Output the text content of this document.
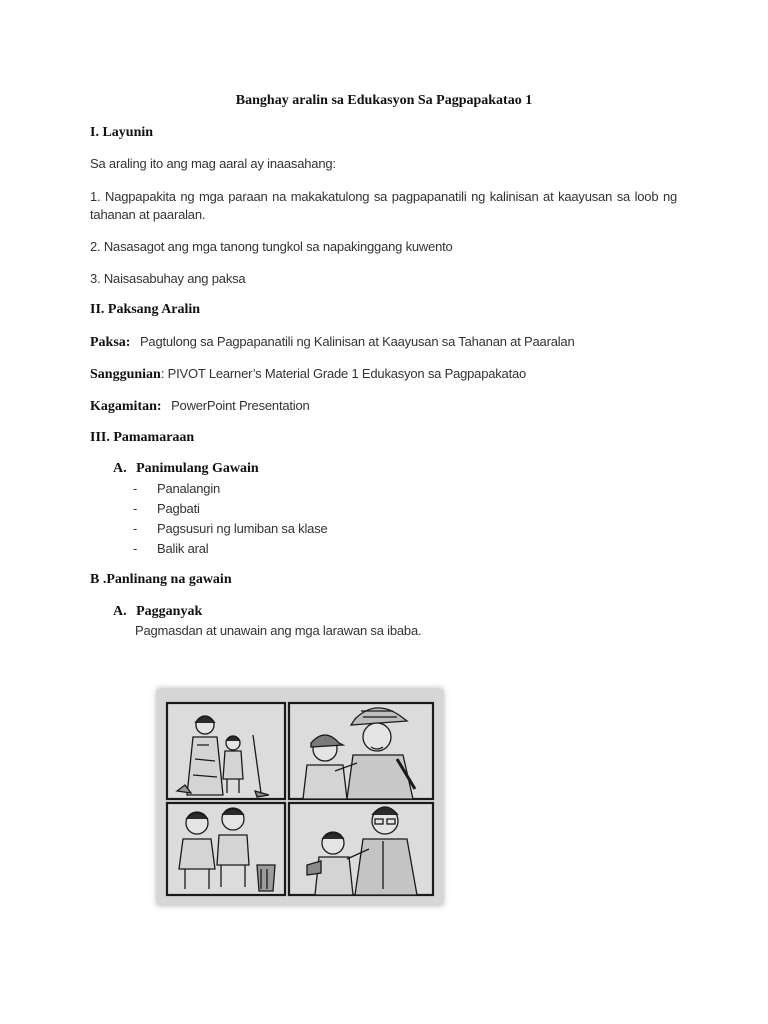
Banghay aralin sa Edukasyon Sa Pagpapakatao 1
I. Layunin
Sa araling ito ang mag aaral ay inaasahang:
1. Nagpapakita ng mga paraan na makakatulong sa pagpapanatili ng kalinisan at kaayusan sa loob ng
tahanan at paaralan.
2. Nasasagot ang mga tanong tungkol sa napakinggang kuwento
3. Naisasabuhay ang paksa
II. Paksang Aralin
Paksa: Pagtulong sa Pagpapanatili ng Kalinisan at Kaayusan sa Tahanan at Paaralan
Sanggunian: PIVOT Learner’s Material Grade 1 Edukasyon sa Pagpapakatao
Kagamitan: PowerPoint Presentation
III. Pamamaraan
A. Panimulang Gawain
- Panalangin
- Pagbati
- Pagsusuri ng lumiban sa klase
- Balik aral
B .Panlinang na gawain
A. Pagganyak
Pagmasdan at unawain ang mga larawan sa ibaba.
